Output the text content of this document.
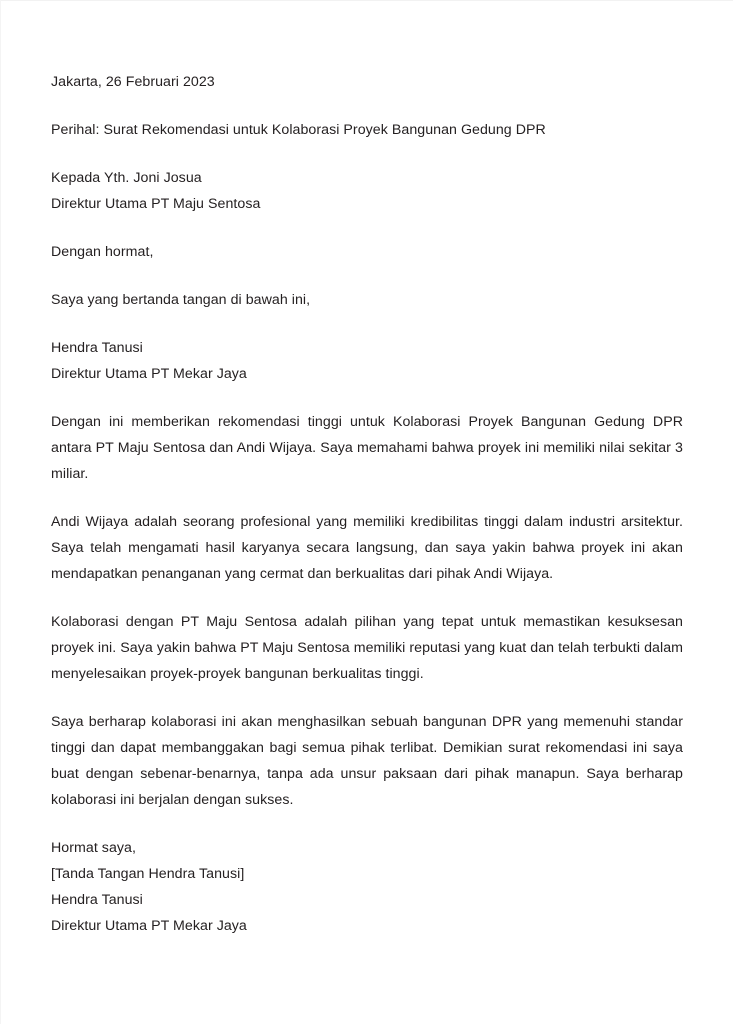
Jakarta, 26 Februari 2023
Perihal: Surat Rekomendasi untuk Kolaborasi Proyek Bangunan Gedung DPR
Kepada Yth. Joni Josua
Direktur Utama PT Maju Sentosa
Dengan hormat,
Saya yang bertanda tangan di bawah ini,
Hendra Tanusi
Direktur Utama PT Mekar Jaya
Dengan ini memberikan rekomendasi tinggi untuk Kolaborasi Proyek Bangunan Gedung DPR antara PT Maju Sentosa dan Andi Wijaya. Saya memahami bahwa proyek ini memiliki nilai sekitar 3 miliar.
Andi Wijaya adalah seorang profesional yang memiliki kredibilitas tinggi dalam industri arsitektur. Saya telah mengamati hasil karyanya secara langsung, dan saya yakin bahwa proyek ini akan mendapatkan penanganan yang cermat dan berkualitas dari pihak Andi Wijaya.
Kolaborasi dengan PT Maju Sentosa adalah pilihan yang tepat untuk memastikan kesuksesan proyek ini. Saya yakin bahwa PT Maju Sentosa memiliki reputasi yang kuat dan telah terbukti dalam menyelesaikan proyek-proyek bangunan berkualitas tinggi.
Saya berharap kolaborasi ini akan menghasilkan sebuah bangunan DPR yang memenuhi standar tinggi dan dapat membanggakan bagi semua pihak terlibat. Demikian surat rekomendasi ini saya buat dengan sebenar-benarnya, tanpa ada unsur paksaan dari pihak manapun. Saya berharap kolaborasi ini berjalan dengan sukses.
Hormat saya,
[Tanda Tangan Hendra Tanusi]
Hendra Tanusi
Direktur Utama PT Mekar Jaya
